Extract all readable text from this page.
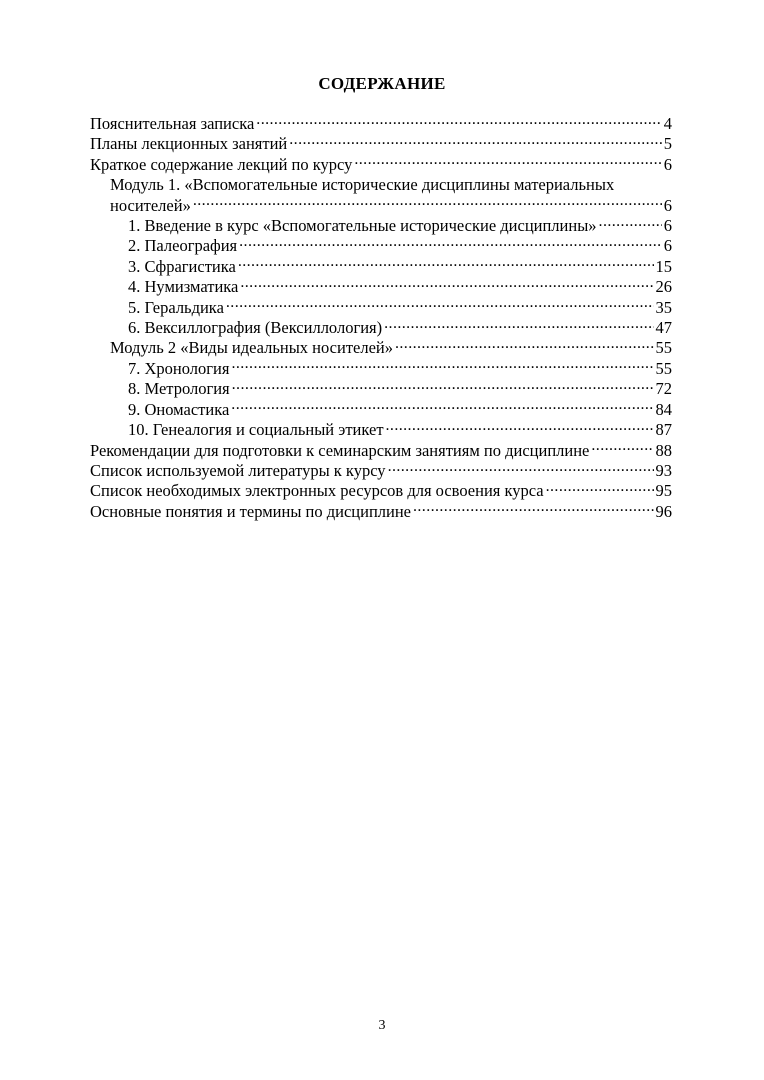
СОДЕРЖАНИЕ
Пояснительная записка .....	4
Планы лекционных занятий .....	5
Краткое содержание лекций по курсу .....	6
Модуль 1. «Вспомогательные исторические дисциплины материальных
носителей» .....	6
1. Введение в курс «Вспомогательные исторические дисциплины» .....	6
2. Палеография .....	6
3. Сфрагистика .....	15
4. Нумизматика .....	26
5. Геральдика .....	35
6. Вексиллография (Вексиллология) .....	47
Модуль 2 «Виды идеальных носителей» .....	55
7. Хронология .....	55
8. Метрология .....	72
9. Ономастика .....	84
10. Генеалогия и социальный этикет .....	87
Рекомендации для подготовки к семинарским занятиям по дисциплине .....	88
Список используемой литературы к курсу .....	93
Список необходимых электронных ресурсов для освоения курса .....	95
Основные понятия и термины по дисциплине .....	96
3
